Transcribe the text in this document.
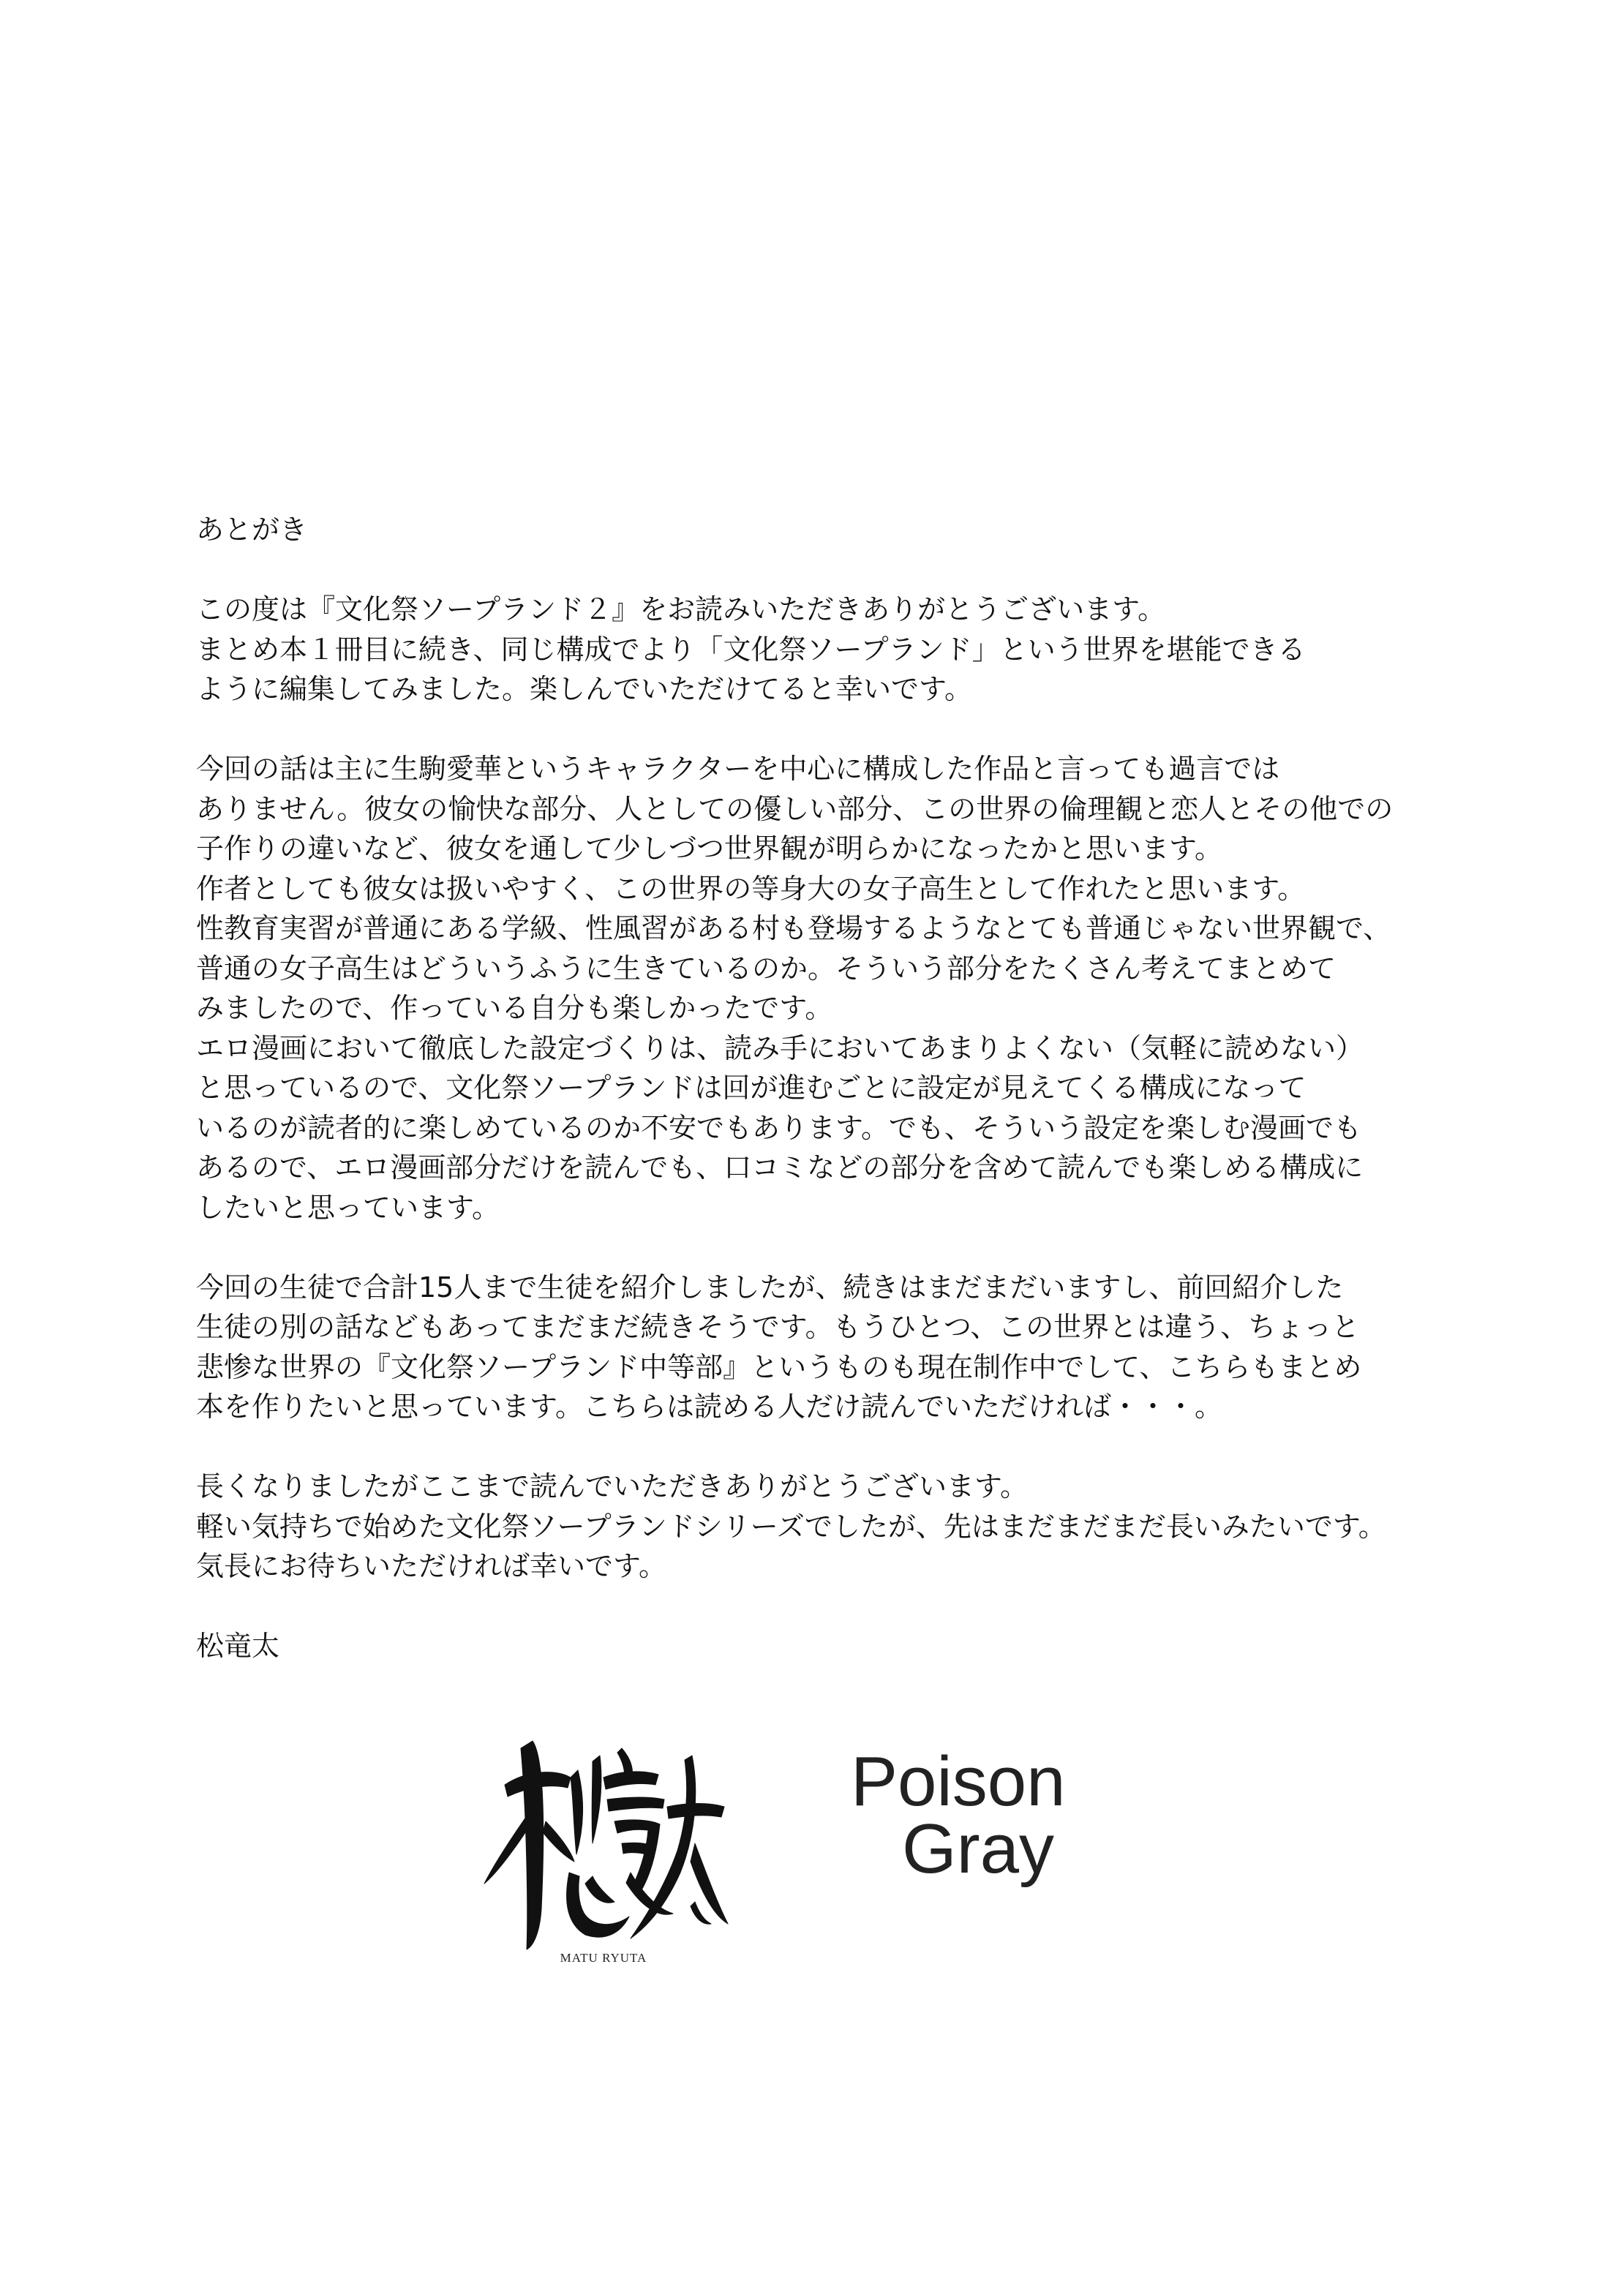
あとがき

この度は『文化祭ソープランド２』をお読みいただきありがとうございます。
まとめ本１冊目に続き、同じ構成でより「文化祭ソープランド」という世界を堪能できる
ように編集してみました。楽しんでいただけてると幸いです。

今回の話は主に生駒愛華というキャラクターを中心に構成した作品と言っても過言では
ありません。彼女の愉快な部分、人としての優しい部分、この世界の倫理観と恋人とその他での
子作りの違いなど、彼女を通して少しづつ世界観が明らかになったかと思います。
作者としても彼女は扱いやすく、この世界の等身大の女子高生として作れたと思います。
性教育実習が普通にある学級、性風習がある村も登場するようなとても普通じゃない世界観で、
普通の女子高生はどういうふうに生きているのか。そういう部分をたくさん考えてまとめて
みましたので、作っている自分も楽しかったです。
エロ漫画において徹底した設定づくりは、読み手においてあまりよくない（気軽に読めない）
と思っているので、文化祭ソープランドは回が進むごとに設定が見えてくる構成になって
いるのが読者的に楽しめているのか不安でもあります。でも、そういう設定を楽しむ漫画でも
あるので、エロ漫画部分だけを読んでも、口コミなどの部分を含めて読んでも楽しめる構成に
したいと思っています。

今回の生徒で合計15人まで生徒を紹介しましたが、続きはまだまだいますし、前回紹介した
生徒の別の話などもあってまだまだ続きそうです。もうひとつ、この世界とは違う、ちょっと
悲惨な世界の『文化祭ソープランド中等部』というものも現在制作中でして、こちらもまとめ
本を作りたいと思っています。こちらは読める人だけ読んでいただければ・・・。

長くなりましたがここまで読んでいただきありがとうございます。
軽い気持ちで始めた文化祭ソープランドシリーズでしたが、先はまだまだまだ長いみたいです。
気長にお待ちいただければ幸いです。

松竜太

MATU RYUTA
Poison
Gray
